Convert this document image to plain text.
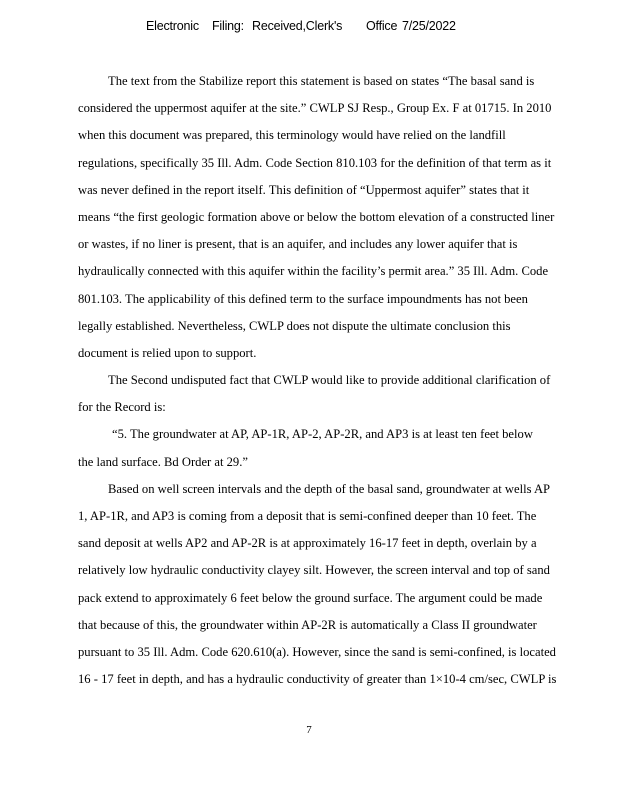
Electronic Filing: Received,Clerk's Office 7/25/2022
The text from the Stabilize report this statement is based on states “The basal sand is
considered the uppermost aquifer at the site.” CWLP SJ Resp., Group Ex. F at 01715. In 2010
when this document was prepared, this terminology would have relied on the landfill
regulations, specifically 35 Ill. Adm. Code Section 810.103 for the definition of that term as it
was never defined in the report itself. This definition of “Uppermost aquifer” states that it
means “the first geologic formation above or below the bottom elevation of a constructed liner
or wastes, if no liner is present, that is an aquifer, and includes any lower aquifer that is
hydraulically connected with this aquifer within the facility’s permit area.” 35 Ill. Adm. Code
801.103. The applicability of this defined term to the surface impoundments has not been
legally established. Nevertheless, CWLP does not dispute the ultimate conclusion this
document is relied upon to support.
The Second undisputed fact that CWLP would like to provide additional clarification of
for the Record is:
“5. The groundwater at AP, AP-1R, AP-2, AP-2R, and AP3 is at least ten feet below
the land surface. Bd Order at 29.”
Based on well screen intervals and the depth of the basal sand, groundwater at wells AP
1, AP-1R, and AP3 is coming from a deposit that is semi-confined deeper than 10 feet. The
sand deposit at wells AP2 and AP-2R is at approximately 16-17 feet in depth, overlain by a
relatively low hydraulic conductivity clayey silt. However, the screen interval and top of sand
pack extend to approximately 6 feet below the ground surface. The argument could be made
that because of this, the groundwater within AP-2R is automatically a Class II groundwater
pursuant to 35 Ill. Adm. Code 620.610(a). However, since the sand is semi-confined, is located
16 - 17 feet in depth, and has a hydraulic conductivity of greater than 1×10-4 cm/sec, CWLP is
7
